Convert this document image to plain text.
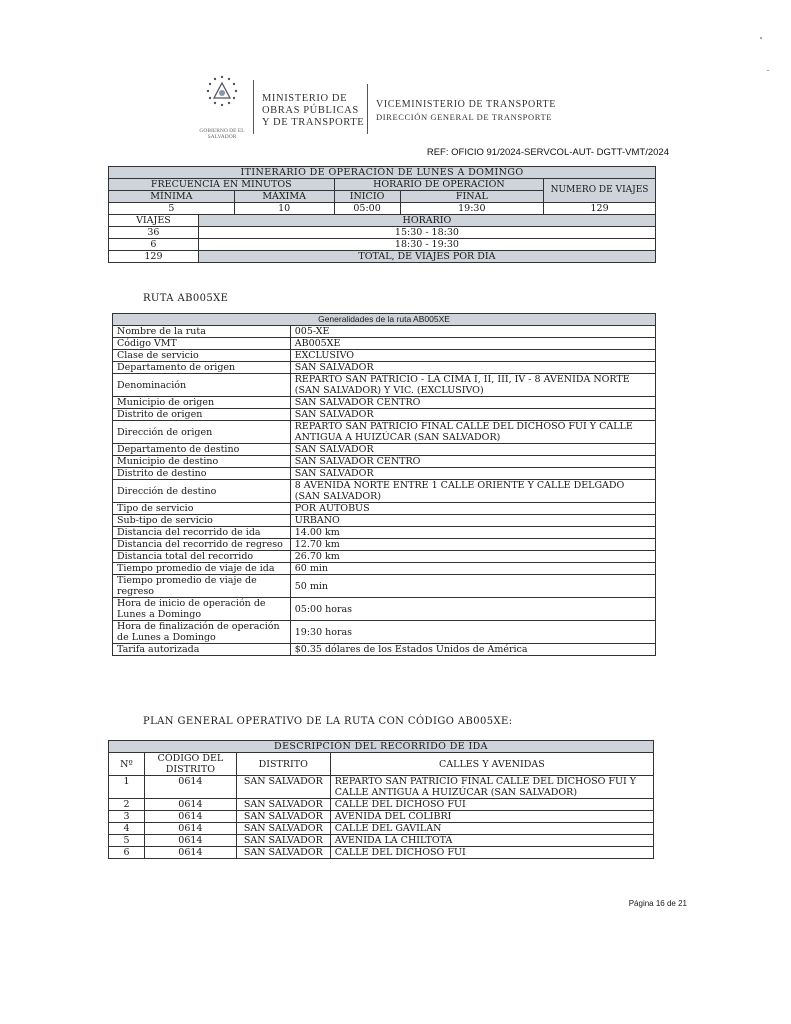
GOBIERNO DE EL SALVADOR
MINISTERIO DE
OBRAS PÚBLICAS
Y DE TRANSPORTE
VICEMINISTERIO DE TRANSPORTE
DIRECCIÓN GENERAL DE TRANSPORTE
REF: OFICIO 91/2024-SERVCOL-AUT- DGTT-VMT/2024
ITINERARIO DE OPERACIÓN DE LUNES A DOMINGO					
FRECUENCIA EN MINUTOS			HORARIO DE OPERACIÓN		NUMERO DE VIAJES
MÍNIMA		MÁXIMA	INICIO	FINAL	
5		10	05:00	19:30	129
VIAJES	HORARIO				
36	15:30 - 18:30				
6	18:30 - 19:30				
129	TOTAL, DE VIAJES POR DIA				
RUTA AB005XE
Generalidades de la ruta AB005XE	
Nombre de la ruta	005-XE
Código VMT	AB005XE
Clase de servicio	EXCLUSIVO
Departamento de origen	SAN SALVADOR
Denominación	REPARTO SAN PATRICIO - LA CIMA I, II, III, IV - 8 AVENIDA NORTE (SAN SALVADOR) Y VIC. (EXCLUSIVO)
Municipio de origen	SAN SALVADOR CENTRO
Distrito de origen	SAN SALVADOR
Dirección de origen	REPARTO SAN PATRICIO FINAL CALLE DEL DICHOSO FUI Y CALLE ANTIGUA A HUIZÚCAR (SAN SALVADOR)
Departamento de destino	SAN SALVADOR
Municipio de destino	SAN SALVADOR CENTRO
Distrito de destino	SAN SALVADOR
Dirección de destino	8 AVENIDA NORTE ENTRE 1 CALLE ORIENTE Y CALLE DELGADO (SAN SALVADOR)
Tipo de servicio	POR AUTOBÚS
Sub-tipo de servicio	URBANO
Distancia del recorrido de ida	14.00 km
Distancia del recorrido de regreso	12.70 km
Distancia total del recorrido	26.70 km
Tiempo promedio de viaje de ida	60 min
Tiempo promedio de viaje de regreso	50 min
Hora de inicio de operación de Lunes a Domingo	05:00 horas
Hora de finalización de operación de Lunes a Domingo	19:30 horas
Tarifa autorizada	$0.35 dólares de los Estados Unidos de América
PLAN GENERAL OPERATIVO DE LA RUTA CON CÓDIGO AB005XE:
DESCRIPCIÓN DEL RECORRIDO DE IDA			
Nº	CÓDIGO DEL DISTRITO	DISTRITO	CALLES Y AVENIDAS
1	0614	SAN SALVADOR	REPARTO SAN PATRICIO FINAL CALLE DEL DICHOSO FUI Y CALLE ANTIGUA A HUIZÚCAR (SAN SALVADOR)
2	0614	SAN SALVADOR	CALLE DEL DICHOSO FUI
3	0614	SAN SALVADOR	AVENIDA DEL COLIBRI
4	0614	SAN SALVADOR	CALLE DEL GAVILAN
5	0614	SAN SALVADOR	AVENIDA LA CHILTOTA
6	0614	SAN SALVADOR	CALLE DEL DICHOSO FUI
Página 16 de 21
